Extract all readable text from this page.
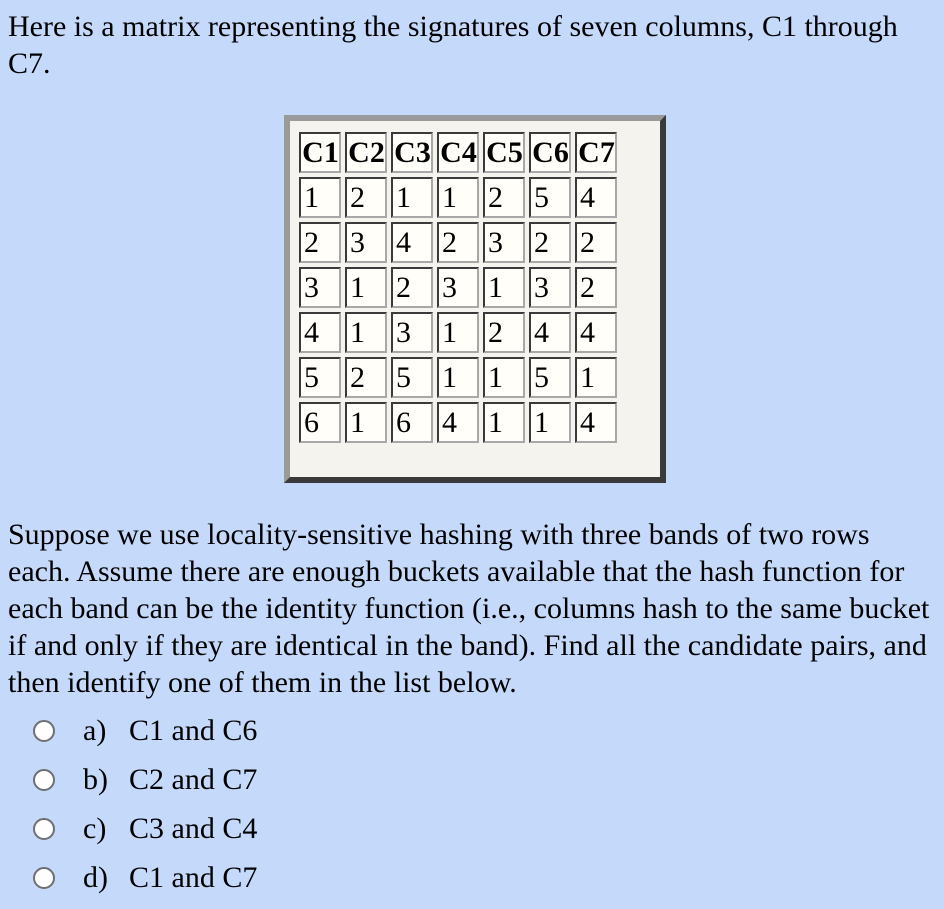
Here is a matrix representing the signatures of seven columns, C1 through C7.

C1	C2	C3	C4	C5	C6	C7
1	2	1	1	2	5	4
2	3	4	2	3	2	2
3	1	2	3	1	3	2
4	1	3	1	2	4	4
5	2	5	1	1	5	1
6	1	6	4	1	1	4

Suppose we use locality-sensitive hashing with three bands of two rows each. Assume there are enough buckets available that the hash function for each band can be the identity function (i.e., columns hash to the same bucket if and only if they are identical in the band). Find all the candidate pairs, and then identify one of them in the list below.

a) C1 and C6
b) C2 and C7
c) C3 and C4
d) C1 and C7
